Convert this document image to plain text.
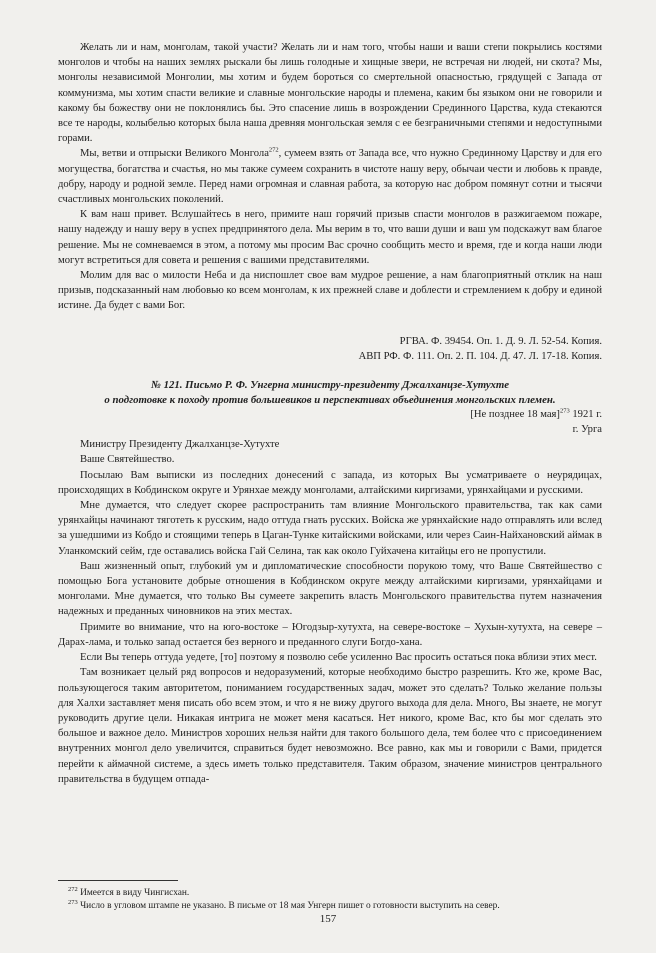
Желать ли и нам, монголам, такой участи? Желать ли и нам того, чтобы наши и ваши степи покрылись костями монголов и чтобы на наших землях рыскали бы лишь голодные и хищные звери, не встречая ни людей, ни скота? Мы, монголы независимой Монголии, мы хотим и будем бороться со смертельной опасностью, грядущей с Запада от коммунизма, мы хотим спасти великие и славные монгольские народы и племена, каким бы языком они не говорили и какому бы божеству они не поклонялись бы. Это спасение лишь в возрождении Срединного Царства, куда стекаются все те народы, колыбелью которых была наша древняя монгольская земля с ее безграничными степями и недоступными горами.

Мы, ветви и отпрыски Великого Монгола$^{272}$, сумеем взять от Запада все, что нужно Срединному Царству и для его могущества, богатства и счастья, но мы также сумеем сохранить в чистоте нашу веру, обычаи чести и любовь к правде, добру, народу и родной земле. Перед нами огромная и славная работа, за которую нас добром помянут сотни и тысячи счастливых монгольских поколений.

К вам наш привет. Вслушайтесь в него, примите наш горячий призыв спасти монголов в разжигаемом пожаре, нашу надежду и нашу веру в успех предпринятого дела. Мы верим в то, что ваши души и ваш ум подскажут вам благое решение. Мы не сомневаемся в этом, а потому мы просим Вас срочно сообщить место и время, где и когда наши люди могут встретиться для совета и решения с вашими представителями.

Молим для вас о милости Неба и да ниспошлет свое вам мудрое решение, а нам благоприятный отклик на наш призыв, подсказанный нам любовью ко всем монголам, к их прежней славе и доблести и стремлением к добру и единой истине. Да будет с вами Бог.

РГВА. Ф. 39454. Оп. 1. Д. 9. Л. 52-54. Копия.
АВП РФ. Ф. 111. Оп. 2. П. 104. Д. 47. Л. 17-18. Копия.
№ 121. Письмо Р. Ф. Унгерна министру-президенту Джалханцзе-Хутухте
о подготовке к походу против большевиков и перспективах объединения монгольских племен.
[Не позднее 18 мая]$^{273}$ 1921 г.
г. Урга

Министру Президенту Джалханцзе-Хутухте

Ваше Святейшество.

Посылаю Вам выписки из последних донесений с запада, из которых Вы усматриваете о неурядицах, происходящих в Кобдинском округе и Урянхае между монголами, алтайскими киргизами, урянхайцами и русскими.

Мне думается, что следует скорее распространить там влияние Монгольского правительства, так как сами урянхайцы начинают тяготеть к русским, надо оттуда гнать русских. Войска же урянхайские надо отправлять или вслед за ушедшими из Кобдо и стоящими теперь в Цаган-Тунке китайскими войсками, или через Саин-Найхановский аймак в Уланкомский сейм, где оставались войска Гай Селина, так как около Гуйхачена китайцы его не пропустили.

Ваш жизненный опыт, глубокий ум и дипломатические способности порукою тому, что Ваше Святейшество с помощью Бога установите добрые отношения в Кобдинском округе между алтайскими киргизами, урянхайцами и монголами. Мне думается, что только Вы сумеете закрепить власть Монгольского правительства путем назначения надежных и преданных чиновников на этих местах.

Примите во внимание, что на юго-востоке – Югодзыр-хутухта, на севере-востоке – Хухын-хутухта, на севере – Дарах-лама, и только запад остается без верного и преданного слуги Богдо-хана.

Если Вы теперь оттуда уедете, [то] поэтому я позволю себе усиленно Вас просить остаться пока вблизи этих мест.

Там возникает целый ряд вопросов и недоразумений, которые необходимо быстро разрешить. Кто же, кроме Вас, пользующегося таким авторитетом, пониманием государственных задач, может это сделать? Только желание пользы для Халхи заставляет меня писать обо всем этом, и что я не вижу другого выхода для дела. Много, Вы знаете, не могут руководить другие цели. Никакая интрига не может меня касаться. Нет никого, кроме Вас, кто бы мог сделать это большое и важное дело. Министров хороших нельзя найти для такого большого дела, тем более что с присоединением внутренних монгол дело увеличится, справиться будет невозможно. Все равно, как мы и говорили с Вами, придется перейти к аймачной системе, а здесь иметь только представителя. Таким образом, значение министров центрального правительства в будущем отпада-

$^{272}$ Имеется в виду Чингисхан.

$^{273}$ Число в угловом штампе не указано. В письме от 18 мая Унгерн пишет о готовности выступить на север.

157
